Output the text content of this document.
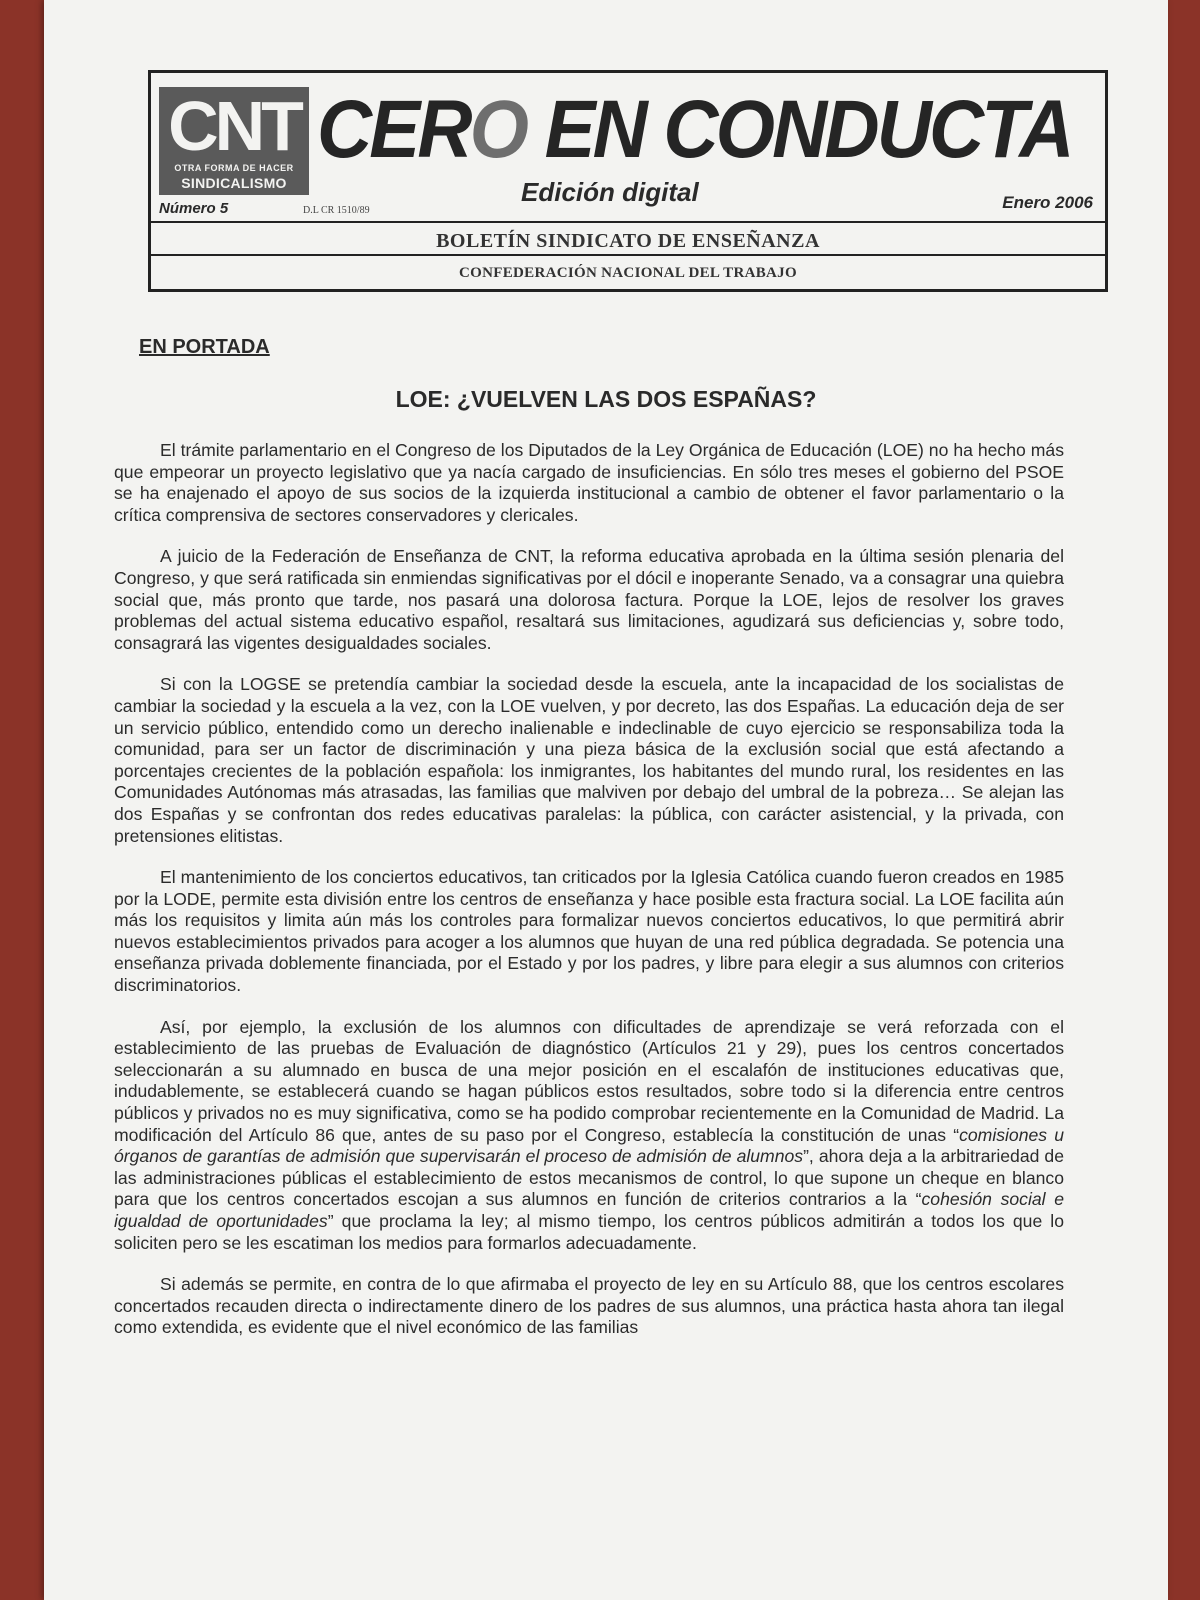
CNT
OTRA FORMA DE HACER
SINDICALISMO
CERO EN CONDUCTA
Edición digital
Número 5	D.L CR 1510/89	Enero 2006
BOLETÍN SINDICATO DE ENSEÑANZA
CONFEDERACIÓN NACIONAL DEL TRABAJO
EN PORTADA
LOE: ¿VUELVEN LAS DOS ESPAÑAS?

El trámite parlamentario en el Congreso de los Diputados de la Ley Orgánica de Educación (LOE) no ha hecho más que empeorar un proyecto legislativo que ya nacía cargado de insuficiencias. En sólo tres meses el gobierno del PSOE se ha enajenado el apoyo de sus socios de la izquierda institucional a cambio de obtener el favor parlamentario o la crítica comprensiva de sectores conservadores y clericales.

A juicio de la Federación de Enseñanza de CNT, la reforma educativa aprobada en la última sesión plenaria del Congreso, y que será ratificada sin enmiendas significativas por el dócil e inoperante Senado, va a consagrar una quiebra social que, más pronto que tarde, nos pasará una dolorosa factura. Porque la LOE, lejos de resolver los graves problemas del actual sistema educativo español, resaltará sus limitaciones, agudizará sus deficiencias y, sobre todo, consagrará las vigentes desigualdades sociales.

Si con la LOGSE se pretendía cambiar la sociedad desde la escuela, ante la incapacidad de los socialistas de cambiar la sociedad y la escuela a la vez, con la LOE vuelven, y por decreto, las dos Españas. La educación deja de ser un servicio público, entendido como un derecho inalienable e indeclinable de cuyo ejercicio se responsabiliza toda la comunidad, para ser un factor de discriminación y una pieza básica de la exclusión social que está afectando a porcentajes crecientes de la población española: los inmigrantes, los habitantes del mundo rural, los residentes en las Comunidades Autónomas más atrasadas, las familias que malviven por debajo del umbral de la pobreza… Se alejan las dos Españas y se confrontan dos redes educativas paralelas: la pública, con carácter asistencial, y la privada, con pretensiones elitistas.

El mantenimiento de los conciertos educativos, tan criticados por la Iglesia Católica cuando fueron creados en 1985 por la LODE, permite esta división entre los centros de enseñanza y hace posible esta fractura social. La LOE facilita aún más los requisitos y limita aún más los controles para formalizar nuevos conciertos educativos, lo que permitirá abrir nuevos establecimientos privados para acoger a los alumnos que huyan de una red pública degradada. Se potencia una enseñanza privada doblemente financiada, por el Estado y por los padres, y libre para elegir a sus alumnos con criterios discriminatorios.

Así, por ejemplo, la exclusión de los alumnos con dificultades de aprendizaje se verá reforzada con el establecimiento de las pruebas de Evaluación de diagnóstico (Artículos 21 y 29), pues los centros concertados seleccionarán a su alumnado en busca de una mejor posición en el escalafón de instituciones educativas que, indudablemente, se establecerá cuando se hagan públicos estos resultados, sobre todo si la diferencia entre centros públicos y privados no es muy significativa, como se ha podido comprobar recientemente en la Comunidad de Madrid. La modificación del Artículo 86 que, antes de su paso por el Congreso, establecía la constitución de unas “comisiones u órganos de garantías de admisión que supervisarán el proceso de admisión de alumnos”, ahora deja a la arbitrariedad de las administraciones públicas el establecimiento de estos mecanismos de control, lo que supone un cheque en blanco para que los centros concertados escojan a sus alumnos en función de criterios contrarios a la “cohesión social e igualdad de oportunidades” que proclama la ley; al mismo tiempo, los centros públicos admitirán a todos los que lo soliciten pero se les escatiman los medios para formarlos adecuadamente.

Si además se permite, en contra de lo que afirmaba el proyecto de ley en su Artículo 88, que los centros escolares concertados recauden directa o indirectamente dinero de los padres de sus alumnos, una práctica hasta ahora tan ilegal como extendida, es evidente que el nivel económico de las familias
